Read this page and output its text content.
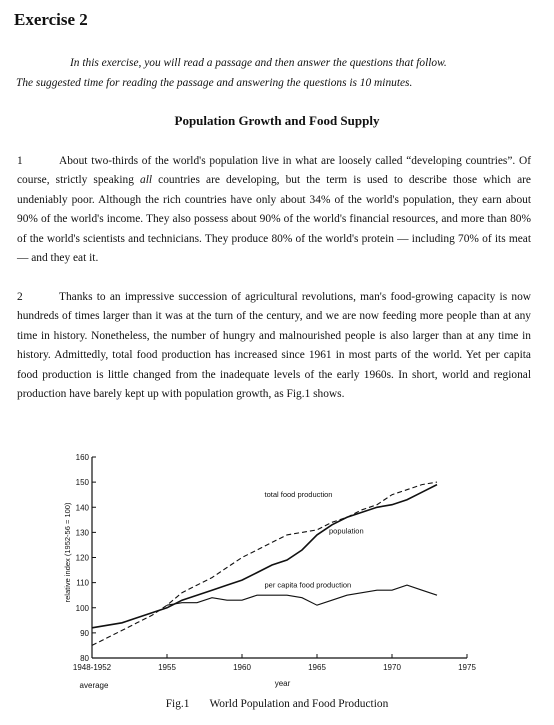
Exercise 2
In this exercise, you will read a passage and then answer the questions that follow.
The suggested time for reading the passage and answering the questions is 10 minutes.
Population Growth and Food Supply
1	About two-thirds of the world's population live in what are loosely called “developing countries”. Of course, strictly speaking all countries are developing, but the term is used to describe those which are undeniably poor. Although the rich countries have only about 34% of the world's population, they earn about 90% of the world's income. They also possess about 90% of the world's financial resources, and more than 80% of the world's scientists and technicians. They produce 80% of the world's protein — including 70% of its meat — and they eat it.
2	Thanks to an impressive succession of agricultural revolutions, man's food-growing capacity is now hundreds of times larger than it was at the turn of the century, and we are now feeding more people than at any time in history. Nonetheless, the number of hungry and malnourished people is also larger than at any time in history. Admittedly, total food production has increased since 1961 in most parts of the world. Yet per capita food production is little changed from the inadequate levels of the early 1960s. In short, world and regional production have barely kept up with population growth, as Fig.1 shows.
80
90
100
110
120
130
140
150
160
1948-1952
average
1955	1960	1965	1970	1975
year
relative index (1952-56 = 100)
total food production
population
per capita food production
Fig.1 World Population and Food Production
